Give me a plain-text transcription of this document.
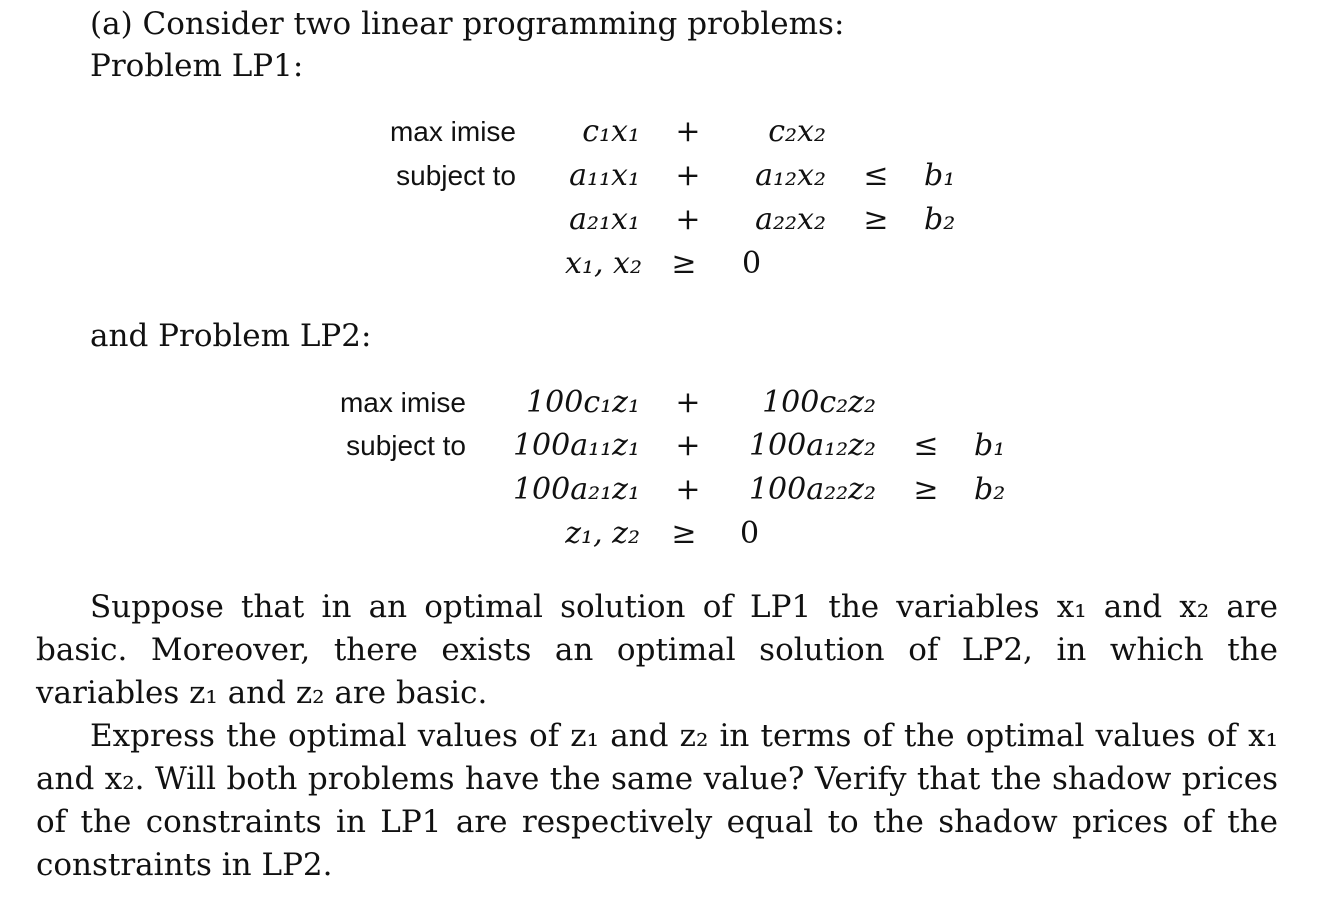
(a) Consider two linear programming problems:
Problem LP1:
max imise	c₁x₁ +	c₂x₂
subject to	a₁₁x₁ +	a₁₂x₂ ≤ b₁
a₂₁x₁ +	a₂₂x₂ ≥ b₂
x₁, x₂ ≥ 0
and Problem LP2:
max imise	100c₁z₁ +	100c₂z₂
subject to	100a₁₁z₁ +	100a₁₂z₂ ≤ b₁
100a₂₁z₁ +	100a₂₂z₂ ≥ b₂
z₁, z₂ ≥ 0
Suppose that in an optimal solution of LP1 the variables x₁ and x₂ are basic. Moreover, there exists an optimal solution of LP2, in which the variables z₁ and z₂ are basic.
Express the optimal values of z₁ and z₂ in terms of the optimal values of x₁ and x₂. Will both problems have the same value? Verify that the shadow prices of the constraints in LP1 are respectively equal to the shadow prices of the constraints in LP2.
